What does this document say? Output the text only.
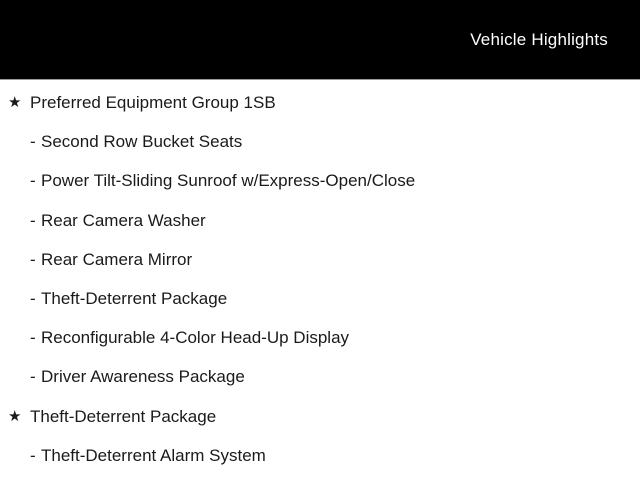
Vehicle Highlights
★ Preferred Equipment Group 1SB
- Second Row Bucket Seats
- Power Tilt-Sliding Sunroof w/Express-Open/Close
- Rear Camera Washer
- Rear Camera Mirror
- Theft-Deterrent Package
- Reconfigurable 4-Color Head-Up Display
- Driver Awareness Package
★ Theft-Deterrent Package
- Theft-Deterrent Alarm System
